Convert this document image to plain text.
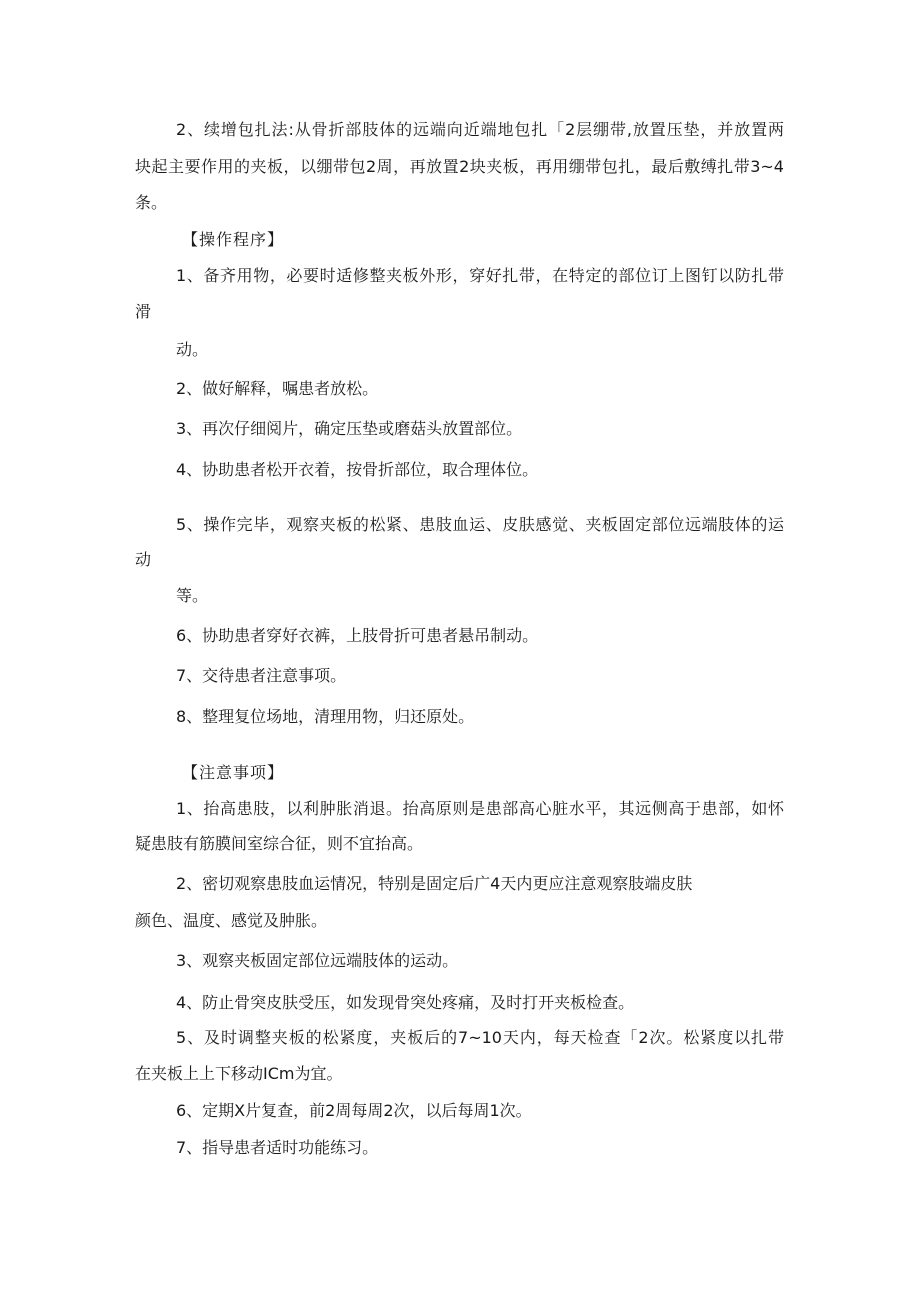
2、续增包扎法:从骨折部肢体的远端向近端地包扎「2层绷带,放置压垫，并放置两

块起主要作用的夹板，以绷带包2周，再放置2块夹板，再用绷带包扎，最后敷缚扎带3~4

条。

【操作程序】

1、备齐用物，必要时适修整夹板外形，穿好扎带，在特定的部位订上图钉以防扎带

滑

动。

2、做好解释，嘱患者放松。

3、再次仔细阅片，确定压垫或磨菇头放置部位。

4、协助患者松开衣着，按骨折部位，取合理体位。

5、操作完毕，观察夹板的松紧、患肢血运、皮肤感觉、夹板固定部位远端肢体的运

动

等。

6、协助患者穿好衣裤，上肢骨折可患者悬吊制动。

7、交待患者注意事项。

8、整理复位场地，清理用物，归还原处。

【注意事项】

1、抬高患肢，以利肿胀消退。抬高原则是患部高心脏水平，其远侧高于患部，如怀

疑患肢有筋膜间室综合征，则不宜抬高。

2、密切观察患肢血运情况，特别是固定后广4天内更应注意观察肢端皮肤

颜色、温度、感觉及肿胀。

3、观察夹板固定部位远端肢体的运动。

4、防止骨突皮肤受压，如发现骨突处疼痛，及时打开夹板检查。

5、及时调整夹板的松紧度，夹板后的7~10天内，每天检查「2次。松紧度以扎带

在夹板上上下移动ICm为宜。

6、定期X片复查，前2周每周2次，以后每周1次。

7、指导患者适时功能练习。
